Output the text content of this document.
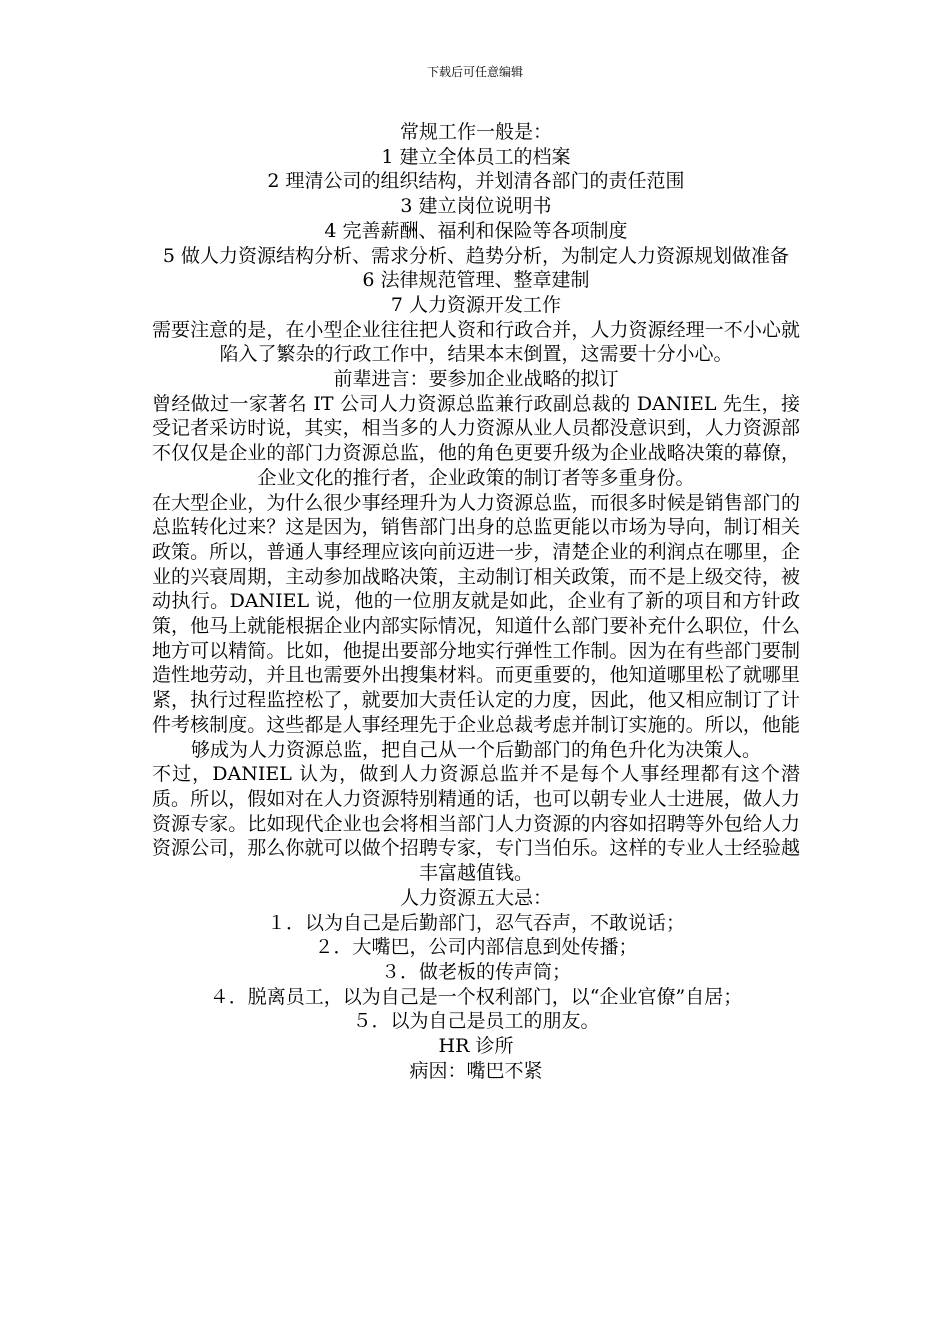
下载后可任意编辑

常规工作一般是：

1 建立全体员工的档案

2 理清公司的组织结构，并划清各部门的责任范围

3 建立岗位说明书

4 完善薪酬、福利和保险等各项制度

5 做人力资源结构分析、需求分析、趋势分析，为制定人力资源规划做准备

6 法律规范管理、整章建制

7 人力资源开发工作

需要注意的是，在小型企业往往把人资和行政合并，人力资源经理一不小心就陷入了繁杂的行政工作中，结果本末倒置，这需要十分小心。

前辈进言：要参加企业战略的拟订

曾经做过一家著名 IT 公司人力资源总监兼行政副总裁的 DANIEL 先生，接受记者采访时说，其实，相当多的人力资源从业人员都没意识到，人力资源部不仅仅是企业的部门力资源总监，他的角色更要升级为企业战略决策的幕僚，企业文化的推行者，企业政策的制订者等多重身份。

在大型企业，为什么很少事经理升为人力资源总监，而很多时候是销售部门的总监转化过来？这是因为，销售部门出身的总监更能以市场为导向，制订相关政策。所以，普通人事经理应该向前迈进一步，清楚企业的利润点在哪里，企业的兴衰周期，主动参加战略决策，主动制订相关政策，而不是上级交待，被动执行。DANIEL 说，他的一位朋友就是如此，企业有了新的项目和方针政策，他马上就能根据企业内部实际情况，知道什么部门要补充什么职位，什么地方可以精简。比如，他提出要部分地实行弹性工作制。因为在有些部门要制造性地劳动，并且也需要外出搜集材料。而更重要的，他知道哪里松了就哪里紧，执行过程监控松了，就要加大责任认定的力度，因此，他又相应制订了计件考核制度。这些都是人事经理先于企业总裁考虑并制订实施的。所以，他能够成为人力资源总监，把自己从一个后勤部门的角色升化为决策人。

不过，DANIEL 认为，做到人力资源总监并不是每个人事经理都有这个潜质。所以，假如对在人力资源特别精通的话，也可以朝专业人士进展，做人力资源专家。比如现代企业也会将相当部门人力资源的内容如招聘等外包给人力资源公司，那么你就可以做个招聘专家，专门当伯乐。这样的专业人士经验越丰富越值钱。

人力资源五大忌：

１．以为自己是后勤部门，忍气吞声，不敢说话；

２．大嘴巴，公司内部信息到处传播；

３．做老板的传声筒；

４．脱离员工，以为自己是一个权利部门，以“企业官僚”自居；

５．以为自己是员工的朋友。

HR 诊所

病因：嘴巴不紧
